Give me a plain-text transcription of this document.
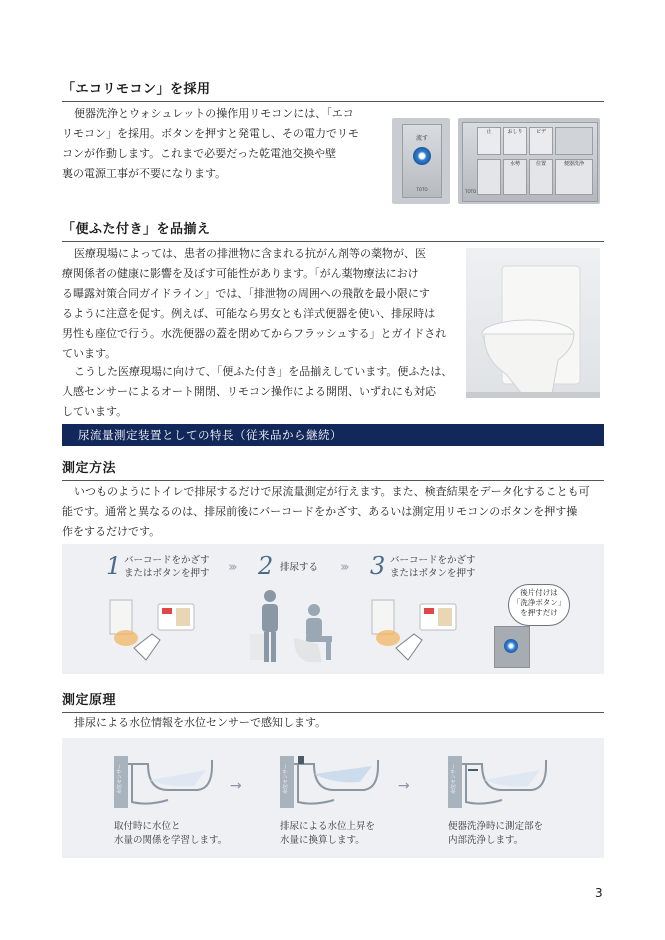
「エコリモコン」を採用
便器洗浄とウォシュレットの操作用リモコンには、「エコ
リモコン」を採用。ボタンを押すと発電し、その電力でリモ
コンが作動します。これまで必要だった乾電池交換や壁
裏の電源工事が不要になります。
流す
TOTO
止	おしり	ビデ
水勢	位置	便器洗浄
TOTO
「便ふた付き」を品揃え
医療現場によっては、患者の排泄物に含まれる抗がん剤等の薬物が、医
療関係者の健康に影響を及ぼす可能性があります。「がん薬物療法におけ
る曝露対策合同ガイドライン」では、「排泄物の周囲への飛散を最小限にす
るように注意を促す。例えば、可能なら男女とも洋式便器を使い、排尿時は
男性も座位で行う。水洗便器の蓋を閉めてからフラッシュする」とガイドされ
ています。
こうした医療現場に向けて、「便ふた付き」を品揃えしています。便ふたは、
人感センサーによるオート開閉、リモコン操作による開閉、いずれにも対応
しています。
尿流量測定装置としての特長（従来品から継続）
測定方法
いつものようにトイレで排尿するだけで尿流量測定が行えます。また、検査結果をデータ化することも可
能です。通常と異なるのは、排尿前後にバーコードをかざす、あるいは測定用リモコンのボタンを押す操
作をするだけです。
1 バーコードをかざす
またはボタンを押す ››› 2 排尿する ››› 3 バーコードをかざす
またはボタンを押す
後片付けは
「洗浄ボタン」
を押すだけ
測定原理
排尿による水位情報を水位センサーで感知します。
水位センサー	→	水位センサー	→	水位センサー
取付時に水位と
水量の関係を学習します。
排尿による水位上昇を
水量に換算します。
便器洗浄時に測定部を
内部洗浄します。
3
